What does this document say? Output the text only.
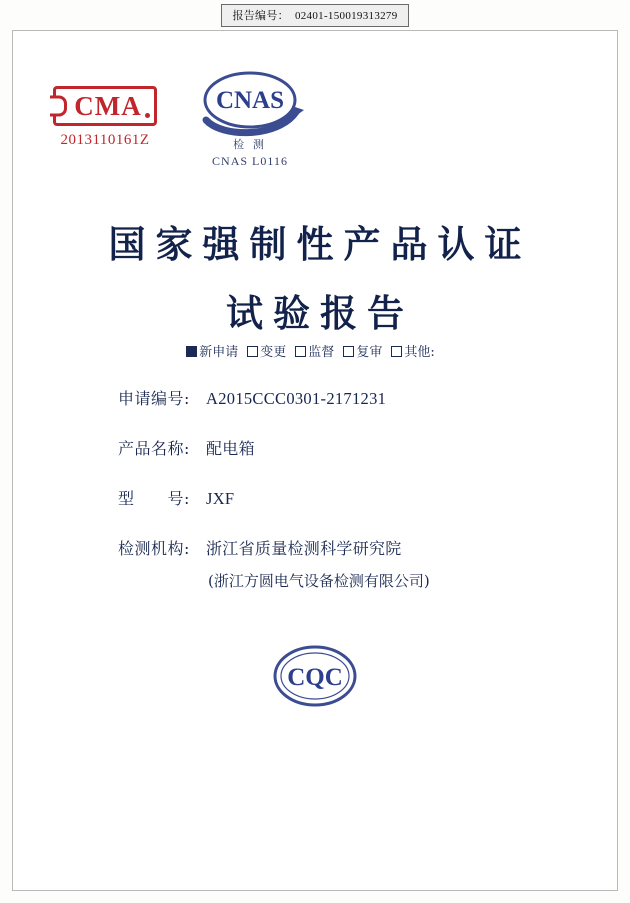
报告编号： 02401-150019313279
CMA
2013110161Z
CNAS
检 测
CNAS L0116
国家强制性产品认证
试验报告
新申请 变更 监督 复审 其他:
申请编号: A2015CCC0301-2171231
产品名称:	配电箱
型　　号: JXF
检测机构:	浙江省质量检测科学研究院
(浙江方圆电气设备检测有限公司)
CQC
